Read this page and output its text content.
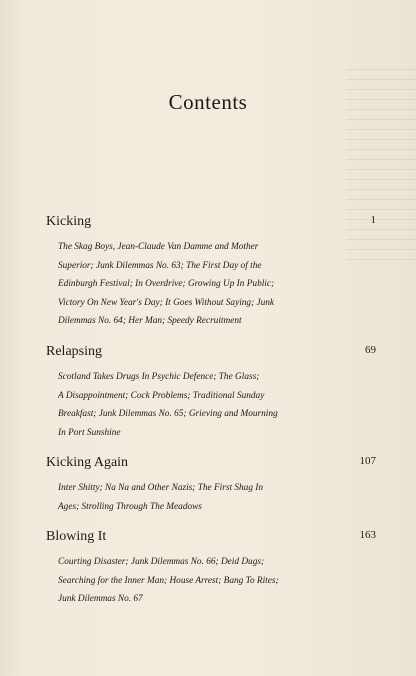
Contents
Kicking	1
The Skag Boys, Jean-Claude Van Damme and Mother
Superior; Junk Dilemmas No. 63; The First Day of the
Edinburgh Festival; In Overdrive; Growing Up In Public;
Victory On New Year's Day; It Goes Without Saying; Junk
Dilemmas No. 64; Her Man; Speedy Recruitment
Relapsing	69
Scotland Takes Drugs In Psychic Defence; The Glass;
A Disappointment; Cock Problems; Traditional Sunday
Breakfast; Junk Dilemmas No. 65; Grieving and Mourning
In Port Sunshine
Kicking Again	107
Inter Shitty; Na Na and Other Nazis; The First Shag In
Ages; Strolling Through The Meadows
Blowing It	163
Courting Disaster; Junk Dilemmas No. 66; Deid Dugs;
Searching for the Inner Man; House Arrest; Bang To Rites;
Junk Dilemmas No. 67
